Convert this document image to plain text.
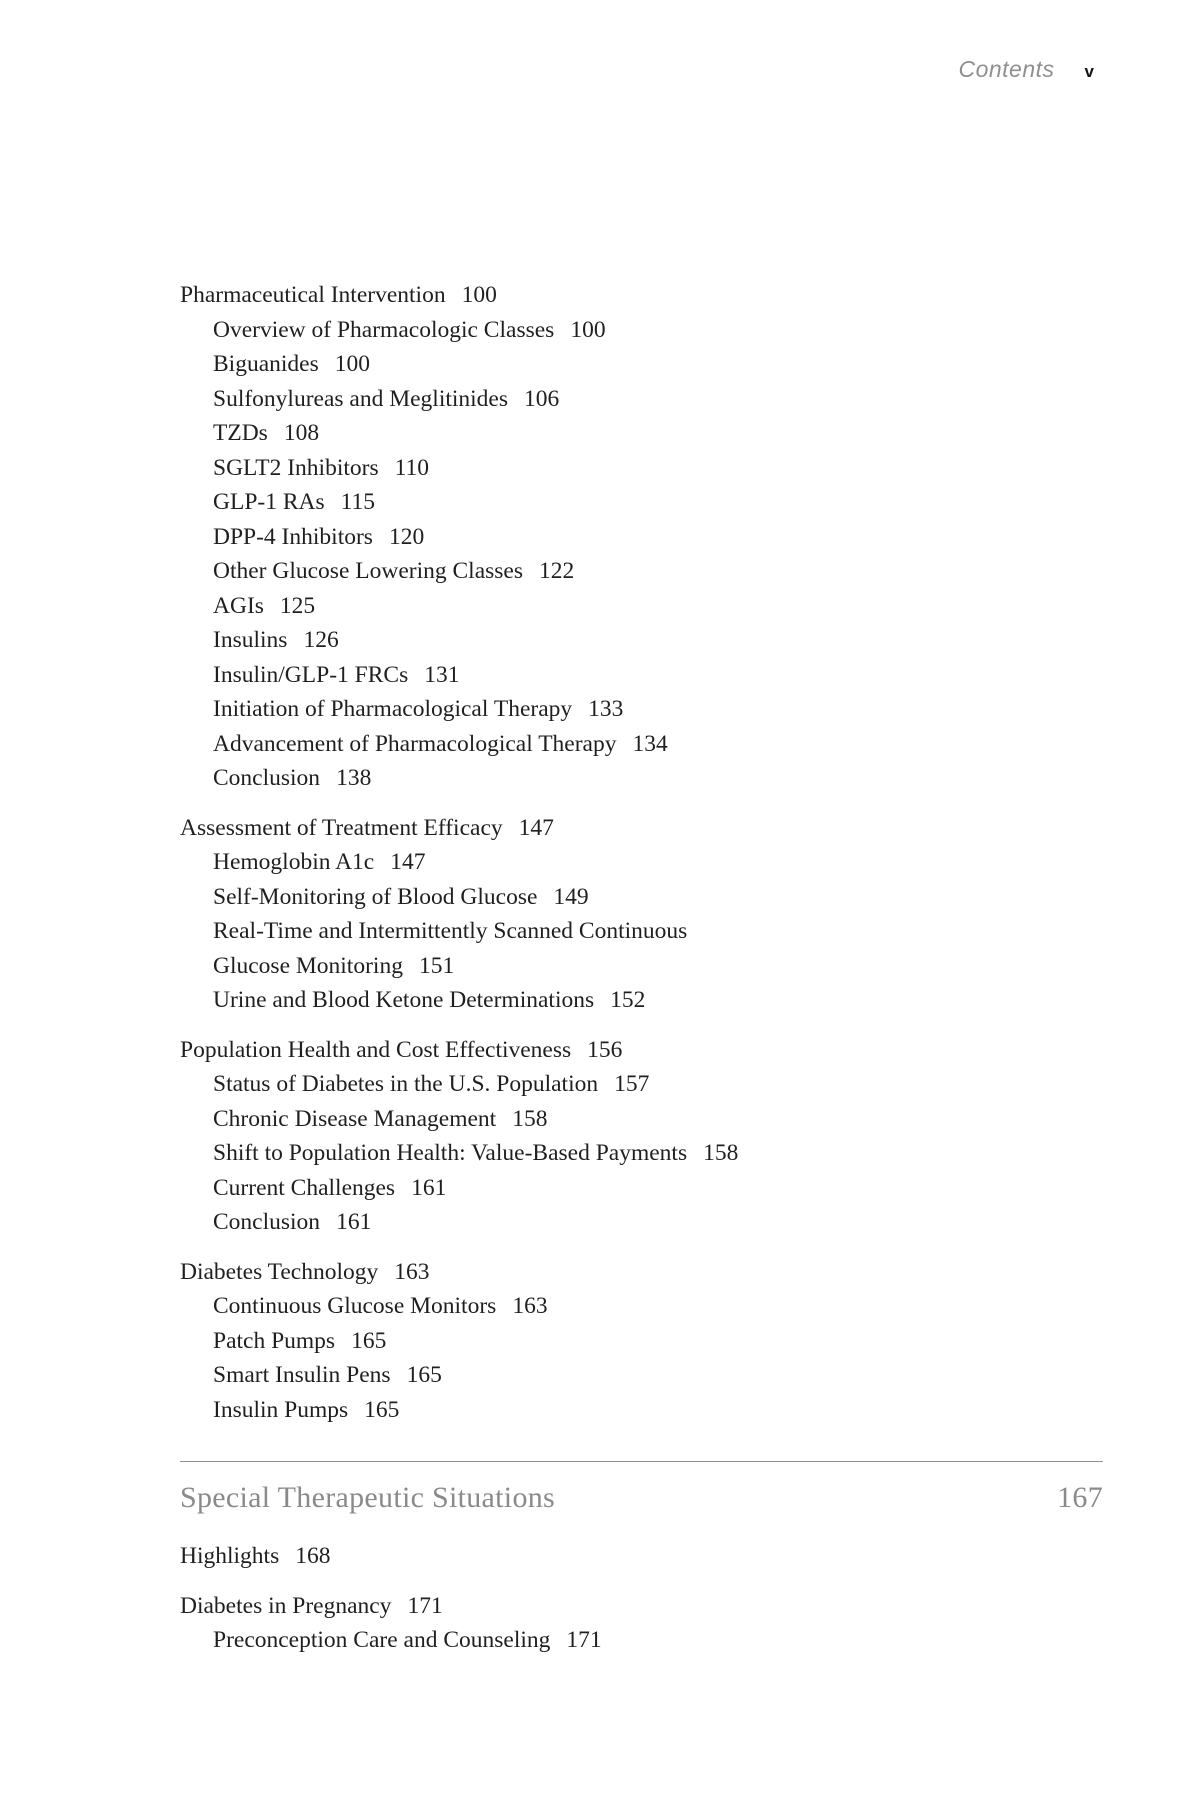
Contents v
Pharmaceutical Intervention 100
Overview of Pharmacologic Classes 100
Biguanides 100
Sulfonylureas and Meglitinides 106
TZDs 108
SGLT2 Inhibitors 110
GLP-1 RAs 115
DPP-4 Inhibitors 120
Other Glucose Lowering Classes 122
AGIs 125
Insulins 126
Insulin/GLP-1 FRCs 131
Initiation of Pharmacological Therapy 133
Advancement of Pharmacological Therapy 134
Conclusion 138
Assessment of Treatment Efficacy 147
Hemoglobin A1c 147
Self-Monitoring of Blood Glucose 149
Real-Time and Intermittently Scanned Continuous
Glucose Monitoring 151
Urine and Blood Ketone Determinations 152
Population Health and Cost Effectiveness 156
Status of Diabetes in the U.S. Population 157
Chronic Disease Management 158
Shift to Population Health: Value-Based Payments 158
Current Challenges 161
Conclusion 161
Diabetes Technology 163
Continuous Glucose Monitors 163
Patch Pumps 165
Smart Insulin Pens 165
Insulin Pumps 165
Special Therapeutic Situations	167
Highlights 168
Diabetes in Pregnancy 171
Preconception Care and Counseling 171
